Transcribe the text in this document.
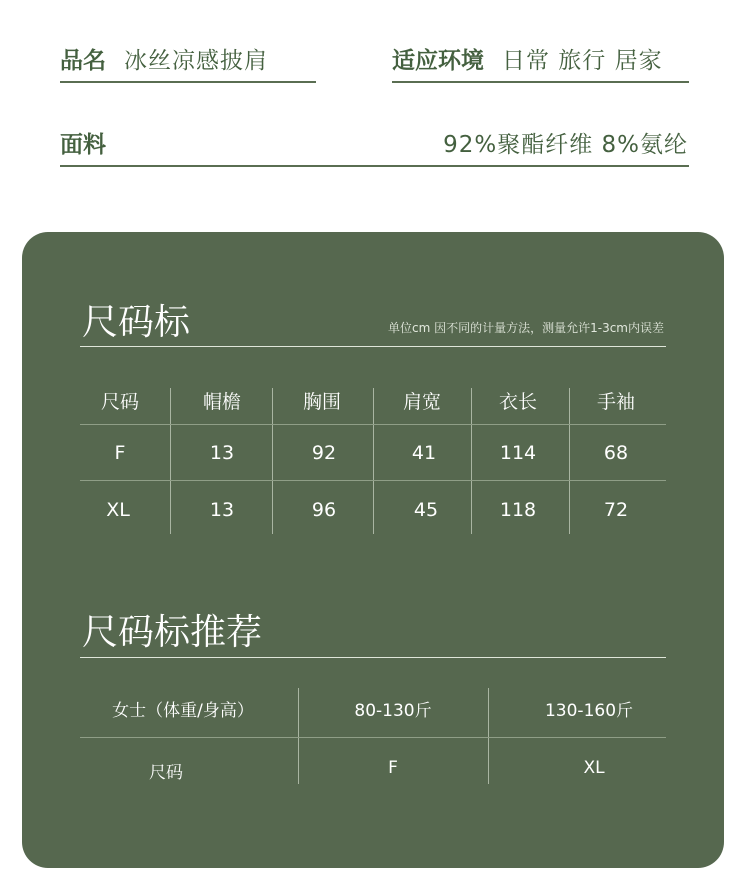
品名 冰丝凉感披肩	适应环境 日常 旅行 居家
面料	92%聚酯纤维 8%氨纶
尺码标	单位cm 因不同的计量方法，测量允许1-3cm内误差
尺码	帽檐	胸围	肩宽	衣长	手袖
F	13	92	41	114	68
XL	13	96	45	118	72
尺码标推荐
女士（体重/身高）	80-130斤	130-160斤
尺码	F	XL
